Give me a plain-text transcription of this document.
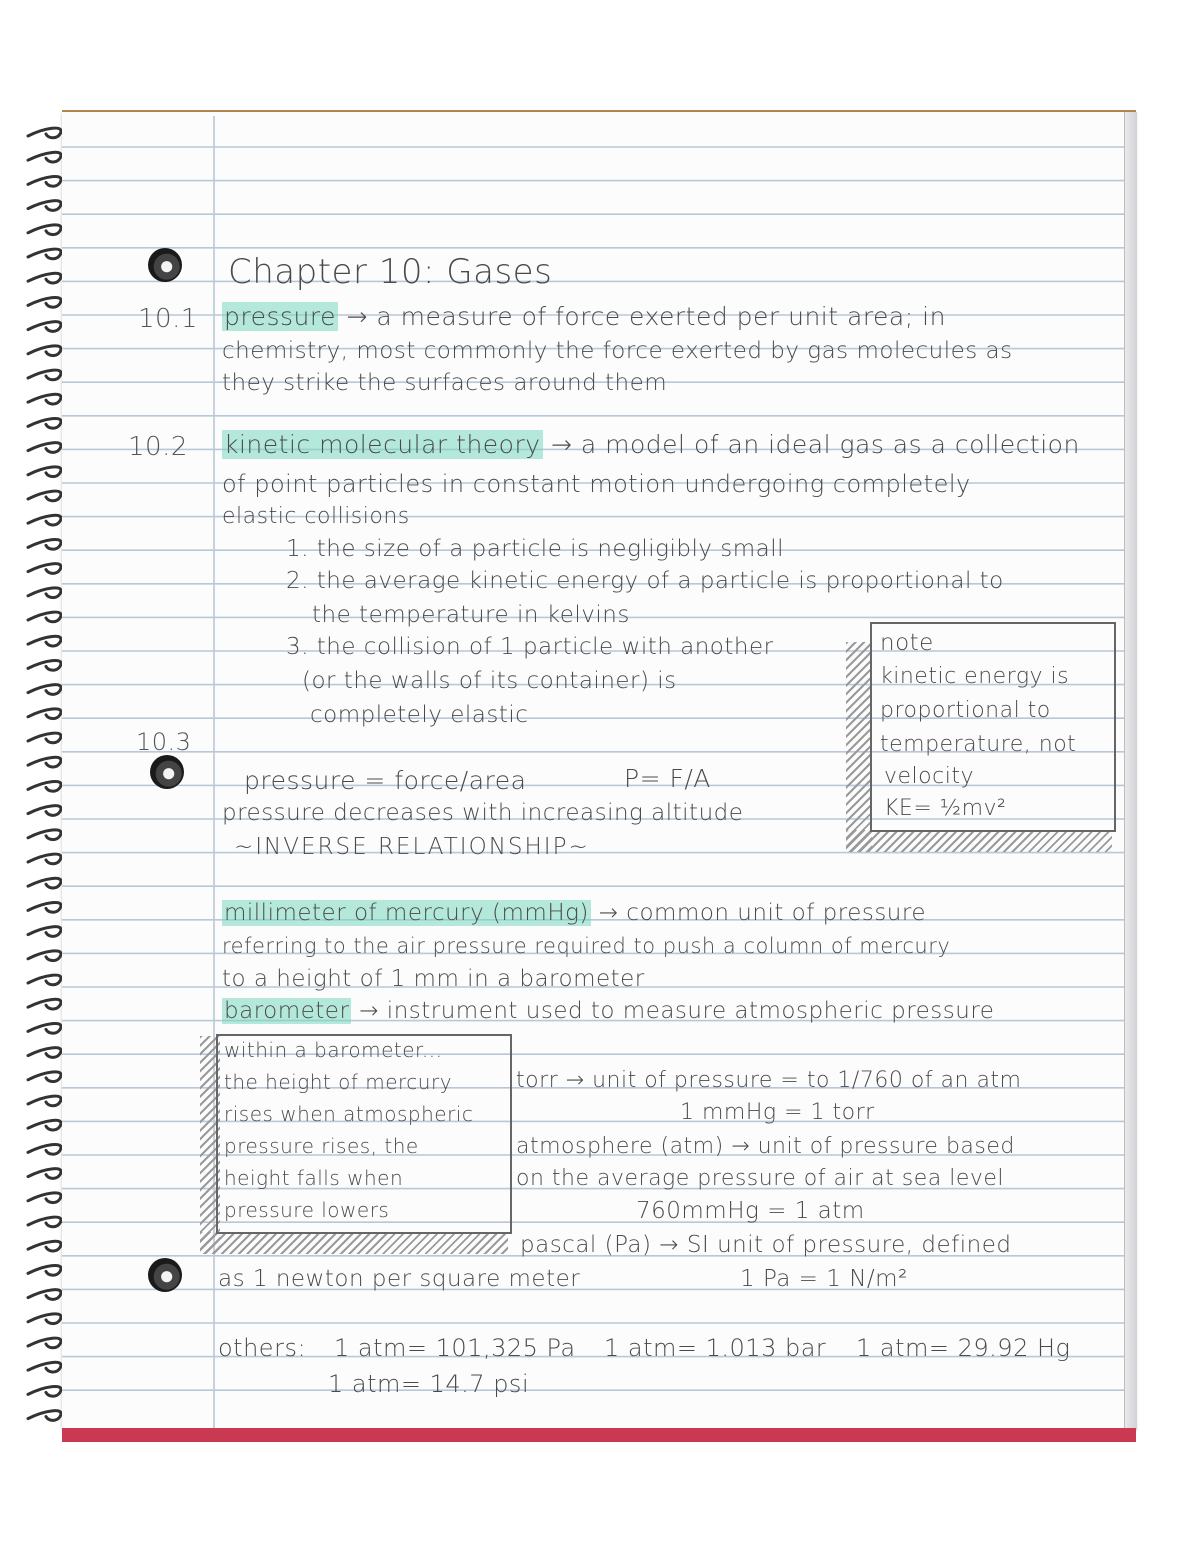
Chapter 10: Gases
10.1 pressure → a measure of force exerted per unit area; in
chemistry, most commonly the force exerted by gas molecules as
they strike the surfaces around them
10.2 kinetic molecular theory → a model of an ideal gas as a collection
of point particles in constant motion undergoing completely
elastic collisions
1. the size of a particle is negligibly small
2. the average kinetic energy of a particle is proportional to
the temperature in kelvins
3. the collision of 1 particle with another
(or the walls of its container) is
completely elastic
note
kinetic energy is
proportional to
temperature, not
velocity
KE= ½mv²
10.3
pressure = force/area	P= F/A
pressure decreases with increasing altitude
~INVERSE RELATIONSHIP~
millimeter of mercury (mmHg) → common unit of pressure
referring to the air pressure required to push a column of mercury
to a height of 1 mm in a barometer
barometer → instrument used to measure atmospheric pressure
within a barometer...
the height of mercury
rises when atmospheric
pressure rises, the
height falls when
pressure lowers
torr → unit of pressure = to 1/760 of an atm
1 mmHg = 1 torr
atmosphere (atm) → unit of pressure based
on the average pressure of air at sea level
760mmHg = 1 atm
pascal (Pa) → SI unit of pressure, defined
as 1 newton per square meter	1 Pa = 1 N/m²
others: 1 atm= 101,325 Pa 1 atm= 1.013 bar 1 atm= 29.92 Hg
1 atm= 14.7 psi
